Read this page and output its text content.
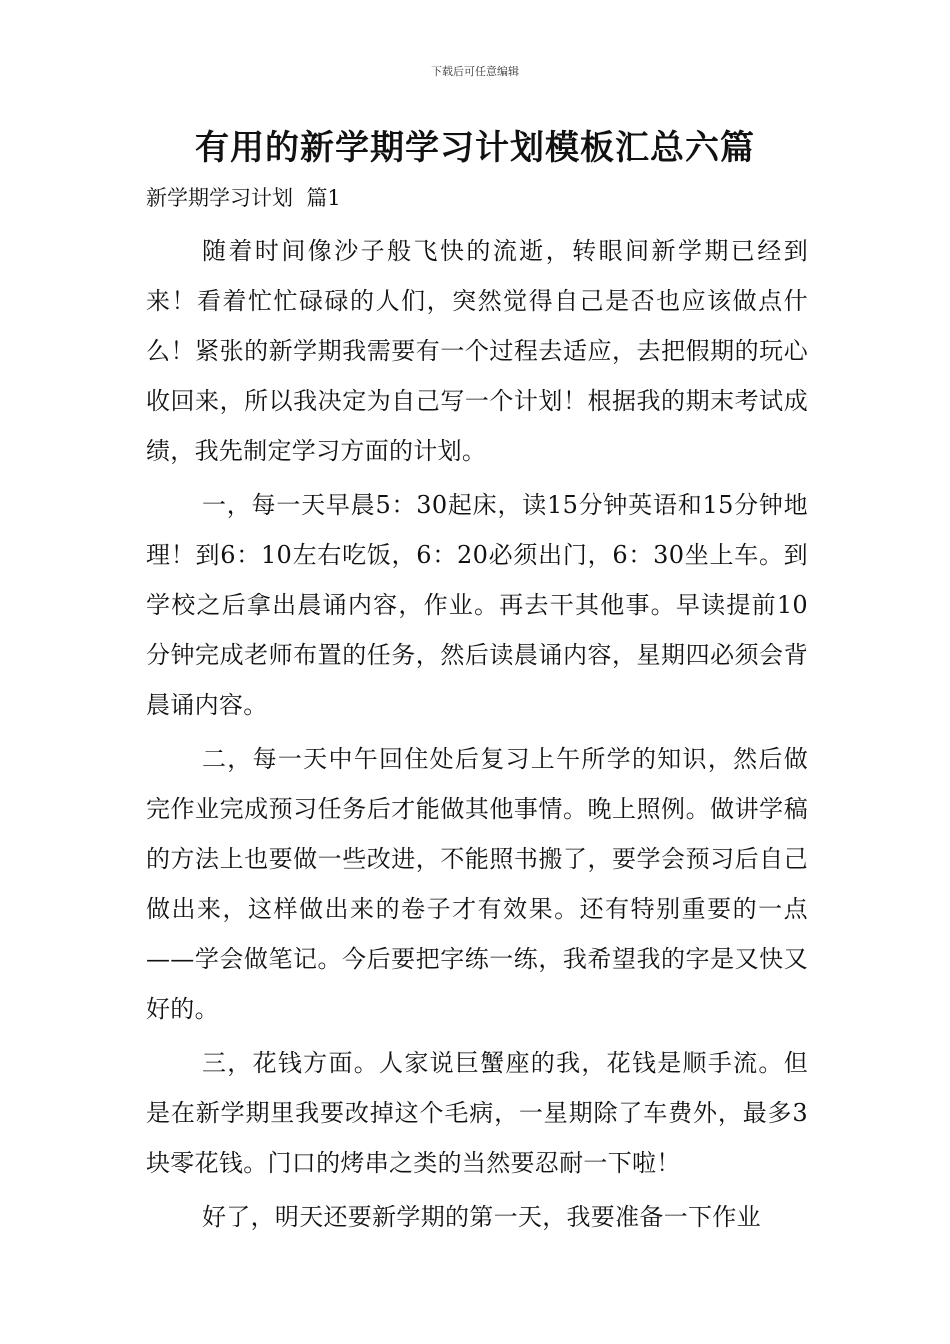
下载后可任意编辑
有用的新学期学习计划模板汇总六篇
新学期学习计划  篇1

随着时间像沙子般飞快的流逝，转眼间新学期已经到来！看着忙忙碌碌的人们，突然觉得自己是否也应该做点什么！紧张的新学期我需要有一个过程去适应，去把假期的玩心收回来，所以我决定为自己写一个计划！根据我的期末考试成绩，我先制定学习方面的计划。

一，每一天早晨5：30起床，读15分钟英语和15分钟地理！到6：10左右吃饭，6：20必须出门，6：30坐上车。到学校之后拿出晨诵内容，作业。再去干其他事。早读提前10分钟完成老师布置的任务，然后读晨诵内容，星期四必须会背晨诵内容。

二，每一天中午回住处后复习上午所学的知识，然后做完作业完成预习任务后才能做其他事情。晚上照例。做讲学稿的方法上也要做一些改进，不能照书搬了，要学会预习后自己做出来，这样做出来的卷子才有效果。还有特别重要的一点——学会做笔记。今后要把字练一练，我希望我的字是又快又好的。

三，花钱方面。人家说巨蟹座的我，花钱是顺手流。但是在新学期里我要改掉这个毛病，一星期除了车费外，最多3块零花钱。门口的烤串之类的当然要忍耐一下啦！

好了，明天还要新学期的第一天，我要准备一下作业
